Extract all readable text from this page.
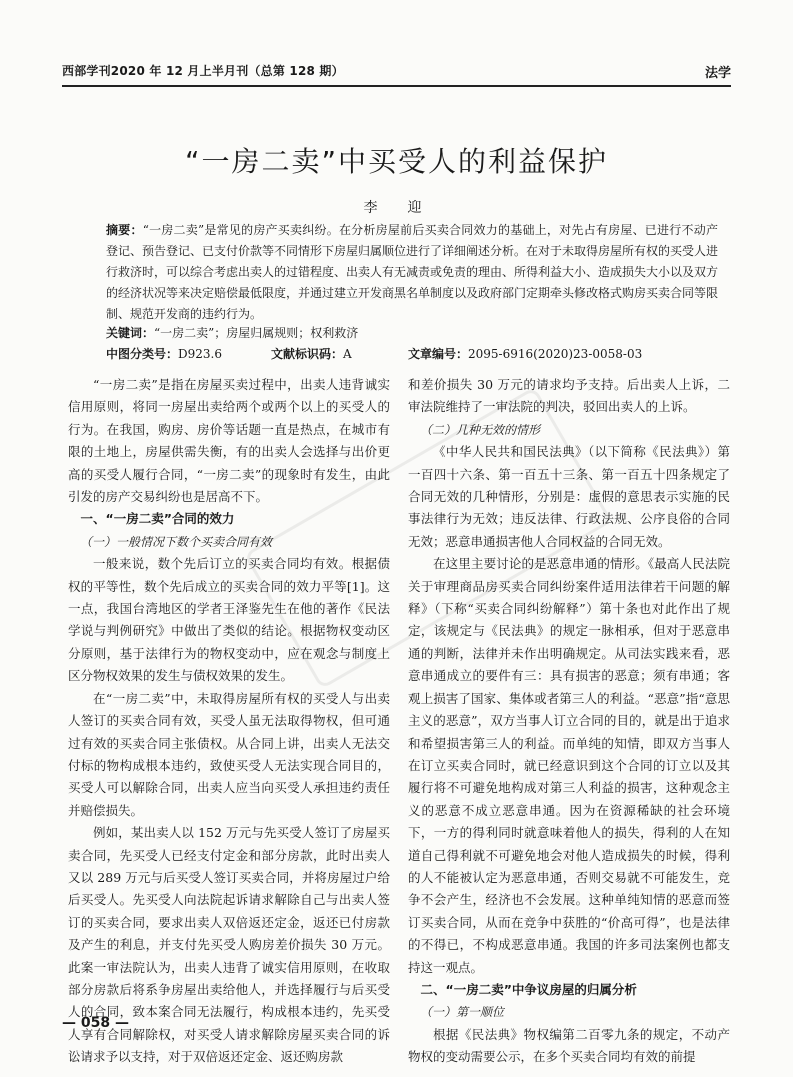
西部学刊2020 年 12 月上半月刊（总第 128 期）	法学
“一房二卖”中买受人的利益保护
李　迎
摘要：“一房二卖”是常见的房产买卖纠纷。在分析房屋前后买卖合同效力的基础上，对先占有房屋、已进行不动产登记、预告登记、已支付价款等不同情形下房屋归属顺位进行了详细阐述分析。在对于未取得房屋所有权的买受人进行救济时，可以综合考虑出卖人的过错程度、出卖人有无减责或免责的理由、所得利益大小、造成损失大小以及双方的经济状况等来决定赔偿最低限度，并通过建立开发商黑名单制度以及政府部门定期牵头修改格式购房买卖合同等限制、规范开发商的违约行为。
关键词：“一房二卖”；房屋归属规则；权利救济
中图分类号：D923.6	文献标识码：A	文章编号：2095-6916(2020)23-0058-03

“一房二卖”是指在房屋买卖过程中，出卖人违背诚实信用原则，将同一房屋出卖给两个或两个以上的买受人的行为。在我国，购房、房价等话题一直是热点，在城市有限的土地上，房屋供需失衡，有的出卖人会选择与出价更高的买受人履行合同，“一房二卖”的现象时有发生，由此引发的房产交易纠纷也是居高不下。

一、“一房二卖”合同的效力
（一）一般情况下数个买卖合同有效

一般来说，数个先后订立的买卖合同均有效。根据债权的平等性，数个先后成立的买卖合同的效力平等[1]。这一点，我国台湾地区的学者王泽鉴先生在他的著作《民法学说与判例研究》中做出了类似的结论。根据物权变动区分原则，基于法律行为的物权变动中，应在观念与制度上区分物权效果的发生与债权效果的发生。

在“一房二卖”中，未取得房屋所有权的买受人与出卖人签订的买卖合同有效，买受人虽无法取得物权，但可通过有效的买卖合同主张债权。从合同上讲，出卖人无法交付标的物构成根本违约，致使买受人无法实现合同目的，买受人可以解除合同，出卖人应当向买受人承担违约责任并赔偿损失。

例如，某出卖人以 152 万元与先买受人签订了房屋买卖合同，先买受人已经支付定金和部分房款，此时出卖人又以 289 万元与后买受人签订买卖合同，并将房屋过户给后买受人。先买受人向法院起诉请求解除自己与出卖人签订的买卖合同，要求出卖人双倍返还定金，返还已付房款及产生的利息，并支付先买受人购房差价损失 30 万元。此案一审法院认为，出卖人违背了诚实信用原则，在收取部分房款后将系争房屋出卖给他人，并选择履行与后买受人的合同，致本案合同无法履行，构成根本违约，先买受人享有合同解除权，对买受人请求解除房屋买卖合同的诉讼请求予以支持，对于双倍返还定金、返还购房款

和差价损失 30 万元的请求均予支持。后出卖人上诉，二审法院维持了一审法院的判决，驳回出卖人的上诉。

（二）几种无效的情形

《中华人民共和国民法典》（以下简称《民法典》）第一百四十六条、第一百五十三条、第一百五十四条规定了合同无效的几种情形，分别是：虚假的意思表示实施的民事法律行为无效；违反法律、行政法规、公序良俗的合同无效；恶意串通损害他人合同权益的合同无效。

在这里主要讨论的是恶意串通的情形。《最高人民法院关于审理商品房买卖合同纠纷案件适用法律若干问题的解释》（下称“买卖合同纠纷解释”）第十条也对此作出了规定，该规定与《民法典》的规定一脉相承，但对于恶意串通的判断，法律并未作出明确规定。从司法实践来看，恶意串通成立的要件有三：具有损害的恶意；须有串通；客观上损害了国家、集体或者第三人的利益。“恶意”指“意思主义的恶意”，双方当事人订立合同的目的，就是出于追求和希望损害第三人的利益。而单纯的知情，即双方当事人在订立买卖合同时，就已经意识到这个合同的订立以及其履行将不可避免地构成对第三人利益的损害，这种观念主义的恶意不成立恶意串通。因为在资源稀缺的社会环境下，一方的得利同时就意味着他人的损失，得利的人在知道自己得利就不可避免地会对他人造成损失的时候，得利的人不能被认定为恶意串通，否则交易就不可能发生，竞争不会产生，经济也不会发展。这种单纯知情的恶意而签订买卖合同，从而在竞争中获胜的“价高可得”，也是法律的不得已，不构成恶意串通。我国的许多司法案例也都支持这一观点。

二、“一房二卖”中争议房屋的归属分析
（一）第一顺位

根据《民法典》物权编第二百零九条的规定，不动产物权的变动需要公示，在多个买卖合同均有效的前提

— 058 —
